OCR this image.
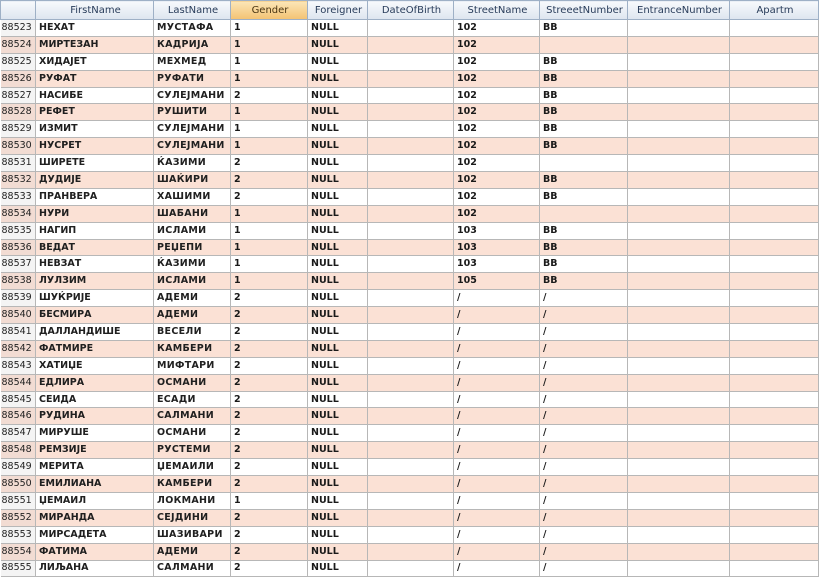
	FirstName	LastName	Gender	Foreigner	DateOfBirth	StreetName	StreeetNumber	EntranceNumber	Apartm
88523	НЕХАТ	МУСТАФА	1	NULL		102	BB		
88524	МИРТЕЗАН	КАДРИЈА	1	NULL		102			
88525	ХИДАЈЕТ	МЕХМЕД	1	NULL		102	BB		
88526	РУФАТ	РУФАТИ	1	NULL		102	BB		
88527	НАСИБЕ	СУЛЕЈМАНИ	2	NULL		102	BB		
88528	РЕФЕТ	РУШИТИ	1	NULL		102	BB		
88529	ИЗМИТ	СУЛЕЈМАНИ	1	NULL		102	BB		
88530	НУСРЕТ	СУЛЕЈМАНИ	1	NULL		102	BB		
88531	ШИРЕТЕ	ЌАЗИМИ	2	NULL		102			
88532	ДУДИЈЕ	ШАЌИРИ	2	NULL		102	BB		
88533	ПРАНВЕРА	ХАШИМИ	2	NULL		102	BB		
88534	НУРИ	ШАБАНИ	1	NULL		102			
88535	НАГИП	ИСЛАМИ	1	NULL		103	BB		
88536	ВЕДАТ	РЕЏЕПИ	1	NULL		103	BB		
88537	НЕВЗАТ	ЌАЗИМИ	1	NULL		103	BB		
88538	ЛУЛЗИМ	ИСЛАМИ	1	NULL		105	BB		
88539	ШУЌРИЈЕ	АДЕМИ	2	NULL		/	/		
88540	БЕСМИРА	АДЕМИ	2	NULL		/	/		
88541	ДАЛЛАНДИШЕ	ВЕСЕЛИ	2	NULL		/	/		
88542	ФАТМИРЕ	КАМБЕРИ	2	NULL		/	/		
88543	ХАТИЏЕ	МИФТАРИ	2	NULL		/	/		
88544	ЕДЛИРА	ОСМАНИ	2	NULL		/	/		
88545	СЕИДА	ЕСАДИ	2	NULL		/	/		
88546	РУДИНА	САЛМАНИ	2	NULL		/	/		
88547	МИРУШЕ	ОСМАНИ	2	NULL		/	/		
88548	РЕМЗИЈЕ	РУСТЕМИ	2	NULL		/	/		
88549	МЕРИТА	ЏЕМАИЛИ	2	NULL		/	/		
88550	ЕМИЛИАНА	КАМБЕРИ	2	NULL		/	/		
88551	ЏЕМАИЛ	ЛОКМАНИ	1	NULL		/	/		
88552	МИРАНДА	СЕЈДИНИ	2	NULL		/	/		
88553	МИРСАДЕТА	ШАЗИВАРИ	2	NULL		/	/		
88554	ФАТИМА	АДЕМИ	2	NULL		/	/		
88555	ЛИЉАНА	САЛМАНИ	2	NULL		/	/		
